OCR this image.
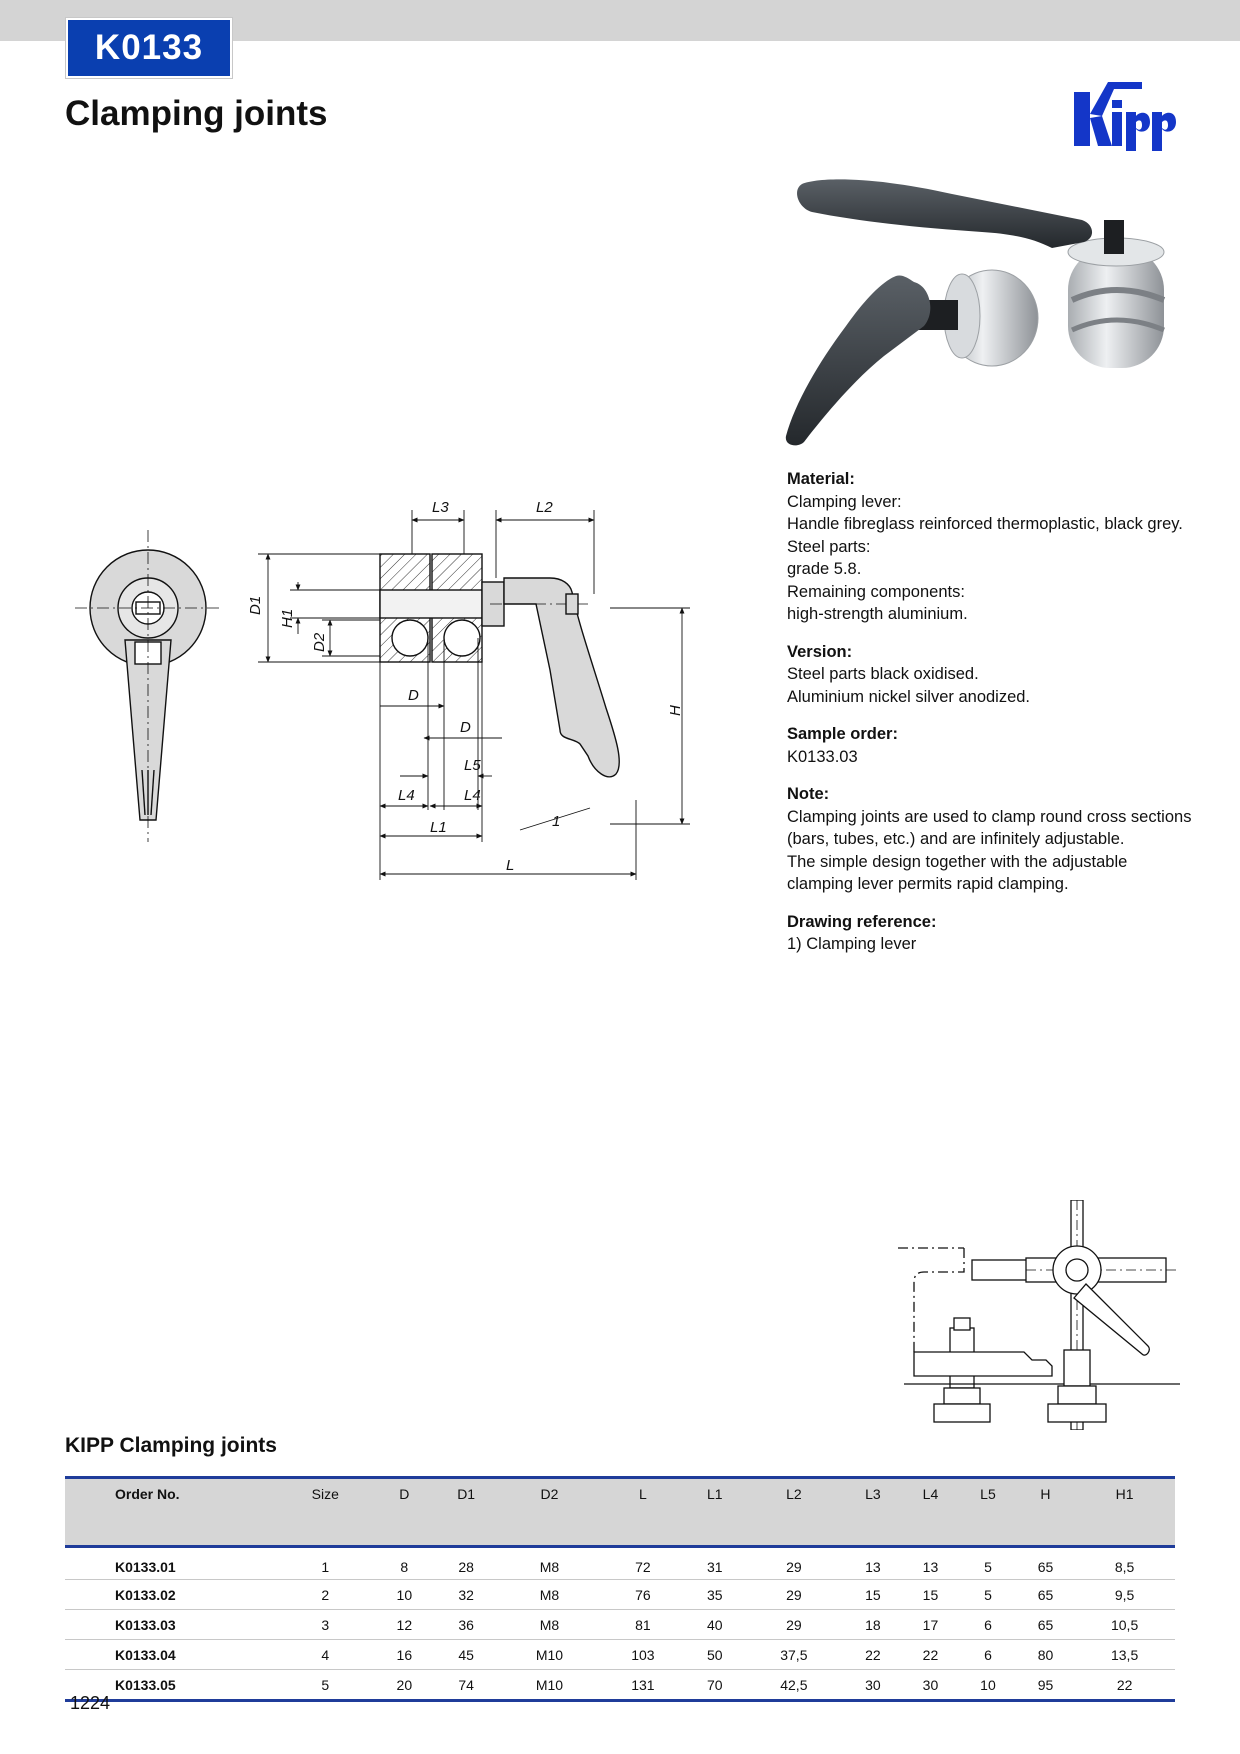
K0133
Clamping joints
L3	L2
D1
H1
D2
D
D
L5
L4	L4
L1
L
H
1
Material:
Clamping lever:
Handle fibreglass reinforced thermoplastic, black grey.
Steel parts:
grade 5.8.
Remaining components:
high-strength aluminium.
Version:
Steel parts black oxidised.
Aluminium nickel silver anodized.
Sample order:
K0133.03
Note:
Clamping joints are used to clamp round cross sections
(bars, tubes, etc.) and are infinitely adjustable.
The simple design together with the adjustable
clamping lever permits rapid clamping.
Drawing reference:
1) Clamping lever
KIPP Clamping joints
Order No.	Size	D	D1	D2	L	L1	L2	L3	L4	L5	H	H1
K0133.01	1	8	28	M8	72	31	29	13	13	5	65	8,5
K0133.02	2	10	32	M8	76	35	29	15	15	5	65	9,5
K0133.03	3	12	36	M8	81	40	29	18	17	6	65	10,5
K0133.04	4	16	45	M10	103	50	37,5	22	22	6	80	13,5
K0133.05	5	20	74	M10	131	70	42,5	30	30	10	95	22
1224
